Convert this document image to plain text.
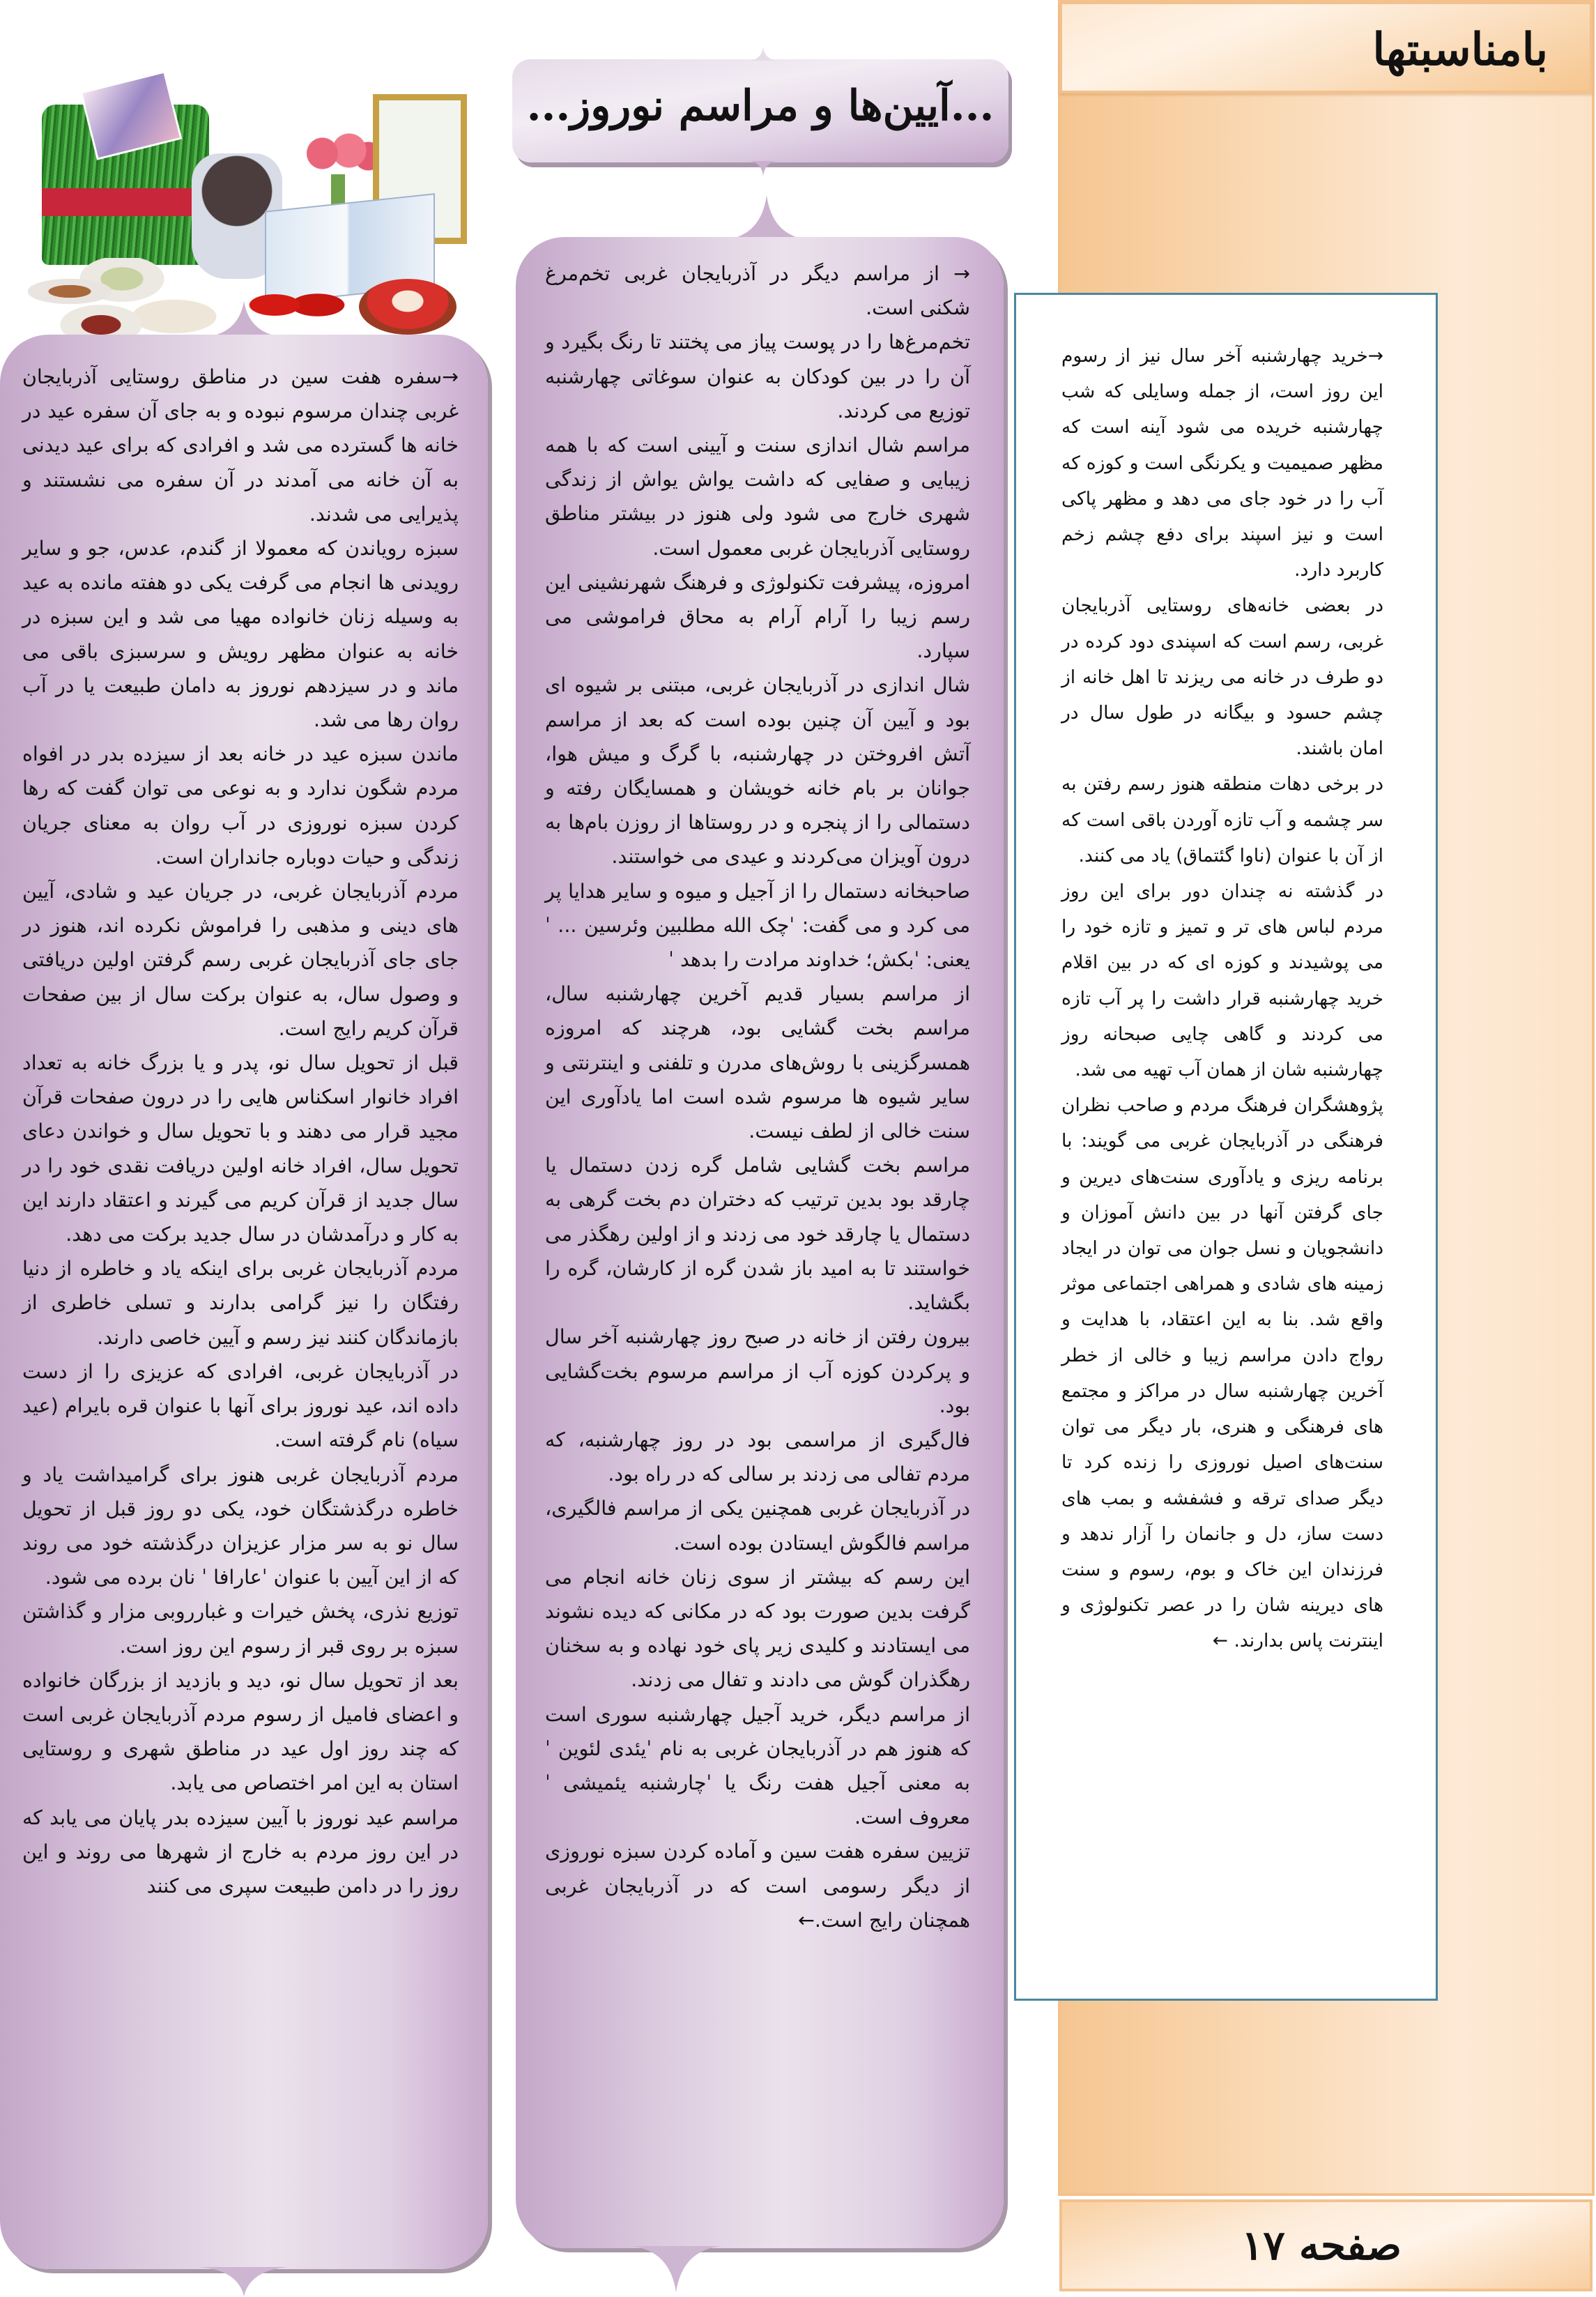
بامناسبتها

→خرید چهارشنبه آخر سال نیز از رسوم این روز است، از جمله وسایلی که شب چهارشنبه خریده می شود آینه است که مظهر صمیمیت و یکرنگی است و کوزه که آب را در خود جای می دهد و مظهر پاکی است و نیز اسپند برای دفع چشم زخم کاربرد دارد.

در بعضی خانه‌های روستایی آذربایجان غربی، رسم است که اسپندی دود کرده در دو طرف در خانه می ریزند تا اهل خانه از چشم حسود و بیگانه در طول سال در امان باشند.

در برخی دهات منطقه هنوز رسم رفتن به سر چشمه و آب تازه آوردن باقی است که از آن با عنوان (ناوا گئتماق) یاد می کنند.

در گذشته نه چندان دور برای این روز مردم لباس های تر و تمیز و تازه خود را می پوشیدند و کوزه ای که در بین اقلام خرید چهارشنبه قرار داشت را پر آب تازه می کردند و گاهی چایی صبحانه روز چهارشنبه شان از همان آب تهیه می شد.

پژوهشگران فرهنگ مردم و صاحب نظران فرهنگی در آذربایجان غربی می گویند: با برنامه ریزی و یادآوری سنت‌های دیرین و جای گرفتن آنها در بین دانش آموزان و دانشجویان و نسل جوان می توان در ایجاد زمینه های شادی و همراهی اجتماعی موثر واقع شد. بنا به این اعتقاد، با هدایت و رواج دادن مراسم زیبا و خالی از خطر آخرین چهارشنبه سال در مراکز و مجتمع های فرهنگی و هنری، بار دیگر می توان سنت‌های اصیل نوروزی را زنده کرد تا دیگر صدای ترقه و فشفشه و بمب های دست ساز، دل و جانمان را آزار ندهد و فرزندان این خاک و بوم، رسوم و سنت های دیرینه شان را در عصر تکنولوژی و اینترنت پاس بدارند. ←

صفحه ۱۷
...آیین‌ها و مراسم نوروز...

→ از مراسم دیگر در آذربایجان غربی تخم‌مرغ شکنی است.

تخم‌مرغ‌ها را در پوست پیاز می پختند تا رنگ بگیرد و آن را در بین کودکان به عنوان سوغاتی چهارشنبه توزیع می کردند.

مراسم شال اندازی سنت و آیینی است که با همه زیبایی و صفایی که داشت یواش یواش از زندگی شهری خارج می شود ولی هنوز در بیشتر مناطق روستایی آذربایجان غربی معمول است.

امروزه، پیشرفت تکنولوژی و فرهنگ شهرنشینی این رسم زیبا را آرام آرام به محاق فراموشی می سپارد.

شال اندازی در آذربایجان غربی، مبتنی بر شیوه ای بود و آیین آن چنین بوده است که بعد از مراسم آتش افروختن در چهارشنبه، با گرگ و میش هوا، جوانان بر بام خانه خویشان و همسایگان رفته و دستمالی را از پنجره و در روستاها از روزن بام‌ها به درون آویزان می‌کردند و عیدی می خواستند.

صاحبخانه دستمال را از آجیل و میوه و سایر هدایا پر می کرد و می گفت: ˈچک الله مطلبین وئرسین ... ˈ یعنی: ˈبکش؛ خداوند مرادت را بدهد ˈ

از مراسم بسیار قدیم آخرین چهارشنبه سال، مراسم بخت گشایی بود، هرچند که امروزه همسرگزینی با روش‌های مدرن و تلفنی و اینترنتی و سایر شیوه ها مرسوم شده است اما یادآوری این سنت خالی از لطف نیست.

مراسم بخت گشایی شامل گره زدن دستمال یا چارقد بود بدین ترتیب که دختران دم بخت گرهی به دستمال یا چارقد خود می زدند و از اولین رهگذر می خواستند تا به امید باز شدن گره از کارشان، گره را بگشاید.

بیرون رفتن از خانه در صبح روز چهارشنبه آخر سال و پرکردن کوزه آب از مراسم مرسوم بخت‌گشایی بود.

فال‌گیری از مراسمی بود در روز چهارشنبه، که مردم تفالی می زدند بر سالی که در راه بود.

در آذربایجان غربی همچنین یکی از مراسم فالگیری، مراسم فالگوش ایستادن بوده است.

این رسم که بیشتر از سوی زنان خانه انجام می گرفت بدین صورت بود که در مکانی که دیده نشوند می ایستادند و کلیدی زیر پای خود نهاده و به سخنان رهگذران گوش می دادند و تفال می زدند.

از مراسم دیگر، خرید آجیل چهارشنبه سوری است که هنوز هم در آذربایجان غربی به نام ˈیئدی لئوین ˈ به معنی آجیل هفت رنگ یا ˈچارشنبه یئمیشی ˈ معروف است.

تزیین سفره هفت سین و آماده کردن سبزه نوروزی از دیگر رسومی است که در آذربایجان غربی همچنان رایج است.←

→سفره هفت سین در مناطق روستایی آذربایجان غربی چندان مرسوم نبوده و به جای آن سفره عید در خانه ها گسترده می شد و افرادی که برای عید دیدنی به آن خانه می آمدند در آن سفره می نشستند و پذیرایی می شدند.

سبزه رویاندن که معمولا از گندم، عدس، جو و سایر رویدنی ها انجام می گرفت یکی دو هفته مانده به عید به وسیله زنان خانواده مهیا می شد و این سبزه در خانه به عنوان مظهر رویش و سرسبزی باقی می ماند و در سیزدهم نوروز به دامان طبیعت یا در آب روان رها می شد.

ماندن سبزه عید در خانه بعد از سیزده بدر در افواه مردم شگون ندارد و به نوعی می توان گفت که رها کردن سبزه نوروزی در آب روان به معنای جریان زندگی و حیات دوباره جانداران است.

مردم آذربایجان غربی، در جریان عید و شادی، آیین های دینی و مذهبی را فراموش نکرده اند، هنوز در جای جای آذربایجان غربی رسم گرفتن اولین دریافتی و وصول سال، به عنوان برکت سال از بین صفحات قرآن کریم رایج است.

قبل از تحویل سال نو، پدر و یا بزرگ خانه به تعداد افراد خانوار اسکناس هایی را در درون صفحات قرآن مجید قرار می دهند و با تحویل سال و خواندن دعای تحویل سال، افراد خانه اولین دریافت نقدی خود را در سال جدید از قرآن کریم می گیرند و اعتقاد دارند این به کار و درآمدشان در سال جدید برکت می دهد.

مردم آذربایجان غربی برای اینکه یاد و خاطره از دنیا رفتگان را نیز گرامی بدارند و تسلی خاطری از بازماندگان کنند نیز رسم و آیین خاصی دارند.

در آذربایجان غربی، افرادی که عزیزی را از دست داده اند، عید نوروز برای آنها با عنوان قره بایرام (عید سیاه) نام گرفته است.

مردم آذربایجان غربی هنوز برای گرامیداشت یاد و خاطره درگذشتگان خود، یکی دو روز قبل از تحویل سال نو به سر مزار عزیزان درگذشته خود می روند که از این آیین با عنوان ˈعارافا ˈ نان برده می شود.

توزیع نذری، پخش خیرات و غبارروبی مزار و گذاشتن سبزه بر روی قبر از رسوم این روز است.

بعد از تحویل سال نو، دید و بازدید از بزرگان خانواده و اعضای فامیل از رسوم مردم آذربایجان غربی است که چند روز اول عید در مناطق شهری و روستایی استان به این امر اختصاص می یابد.

مراسم عید نوروز با آیین سیزده بدر پایان می یابد که در این روز مردم به خارج از شهرها می روند و این روز را در دامن طبیعت سپری می کنند
